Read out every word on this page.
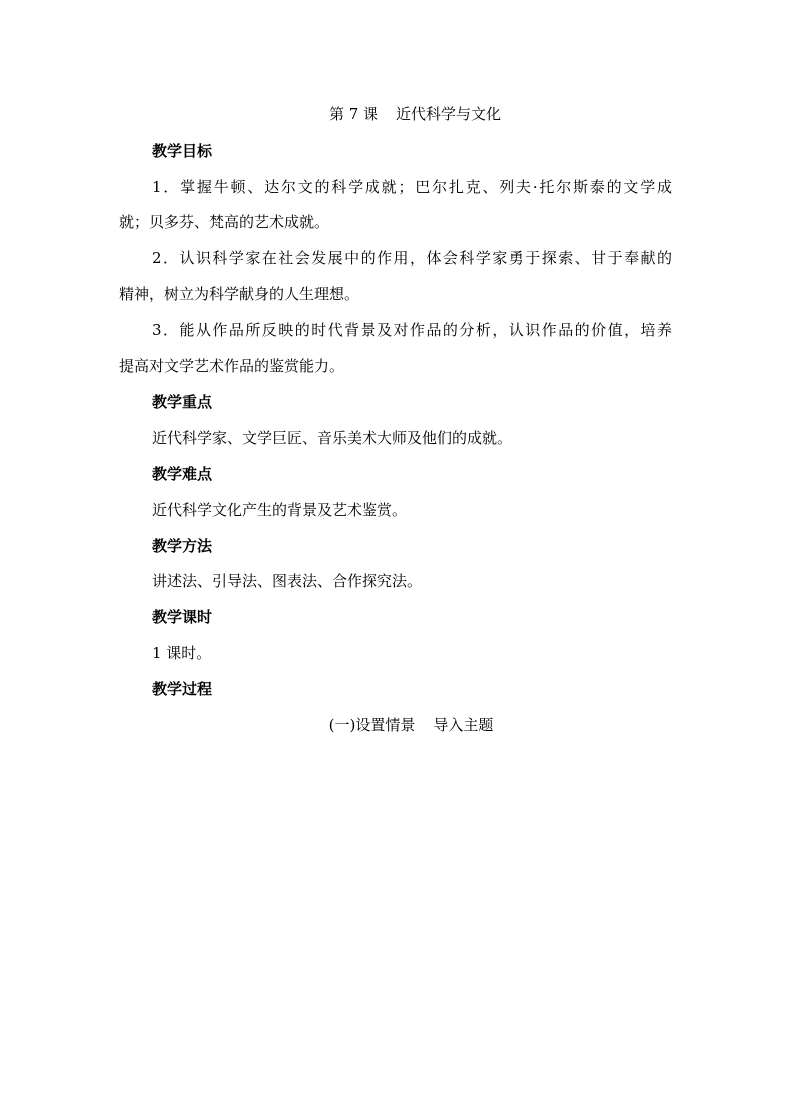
第 7 课 近代科学与文化
教学目标
1．掌握牛顿、达尔文的科学成就；巴尔扎克、列夫·托尔斯泰的文学成
就；贝多芬、梵高的艺术成就。
2．认识科学家在社会发展中的作用，体会科学家勇于探索、甘于奉献的
精神，树立为科学献身的人生理想。
3．能从作品所反映的时代背景及对作品的分析，认识作品的价值，培养
提高对文学艺术作品的鉴赏能力。
教学重点
近代科学家、文学巨匠、音乐美术大师及他们的成就。
教学难点
近代科学文化产生的背景及艺术鉴赏。
教学方法
讲述法、引导法、图表法、合作探究法。
教学课时
1 课时。
教学过程
(一)设置情景 导入主题
